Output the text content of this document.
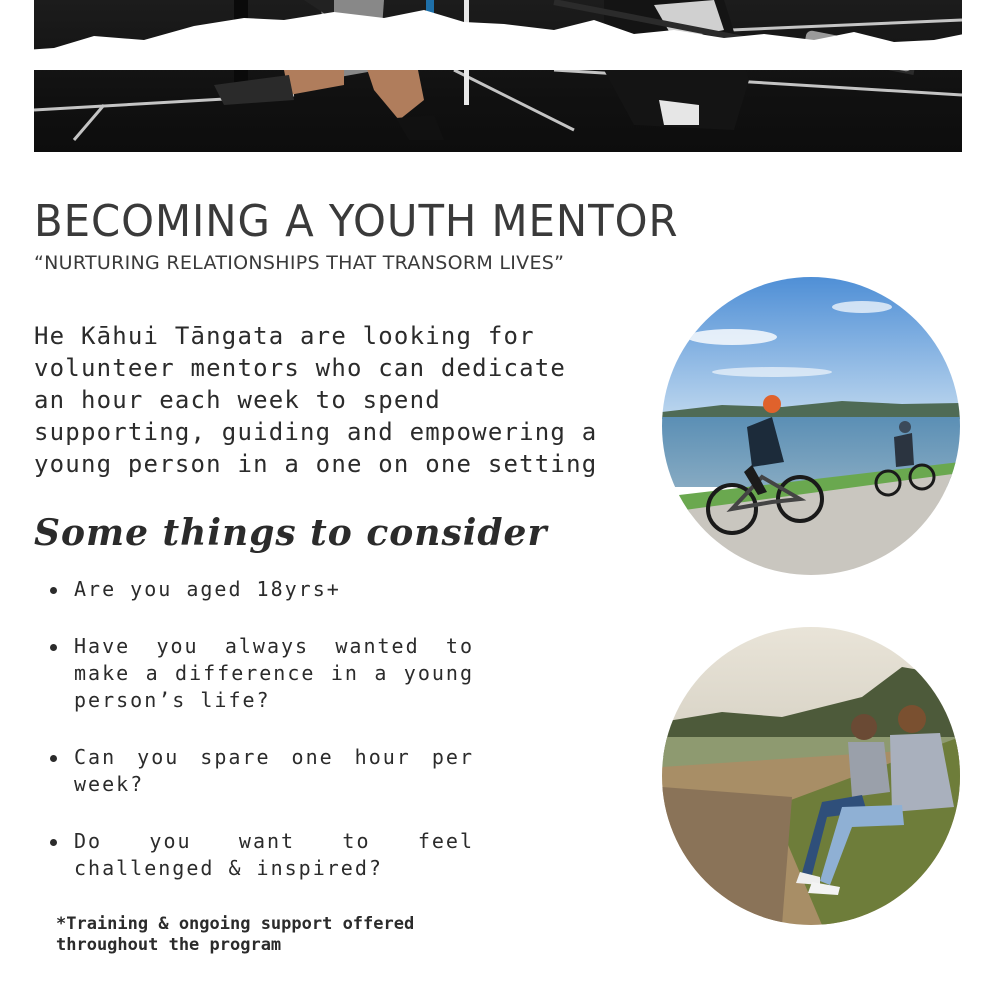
BECOMING A YOUTH MENTOR
“NURTURING RELATIONSHIPS THAT TRANSORM LIVES”
He Kāhui Tāngata are looking for
volunteer mentors who can dedicate
an hour each week to spend
supporting, guiding and empowering a
young person in a one on one setting
Some things to consider
Are you aged 18yrs+
Have you always wanted to make a difference in a young person’s life?
Can you spare one hour per week?
Do you want to feel challenged & inspired?
*Training & ongoing support offered
throughout the program
